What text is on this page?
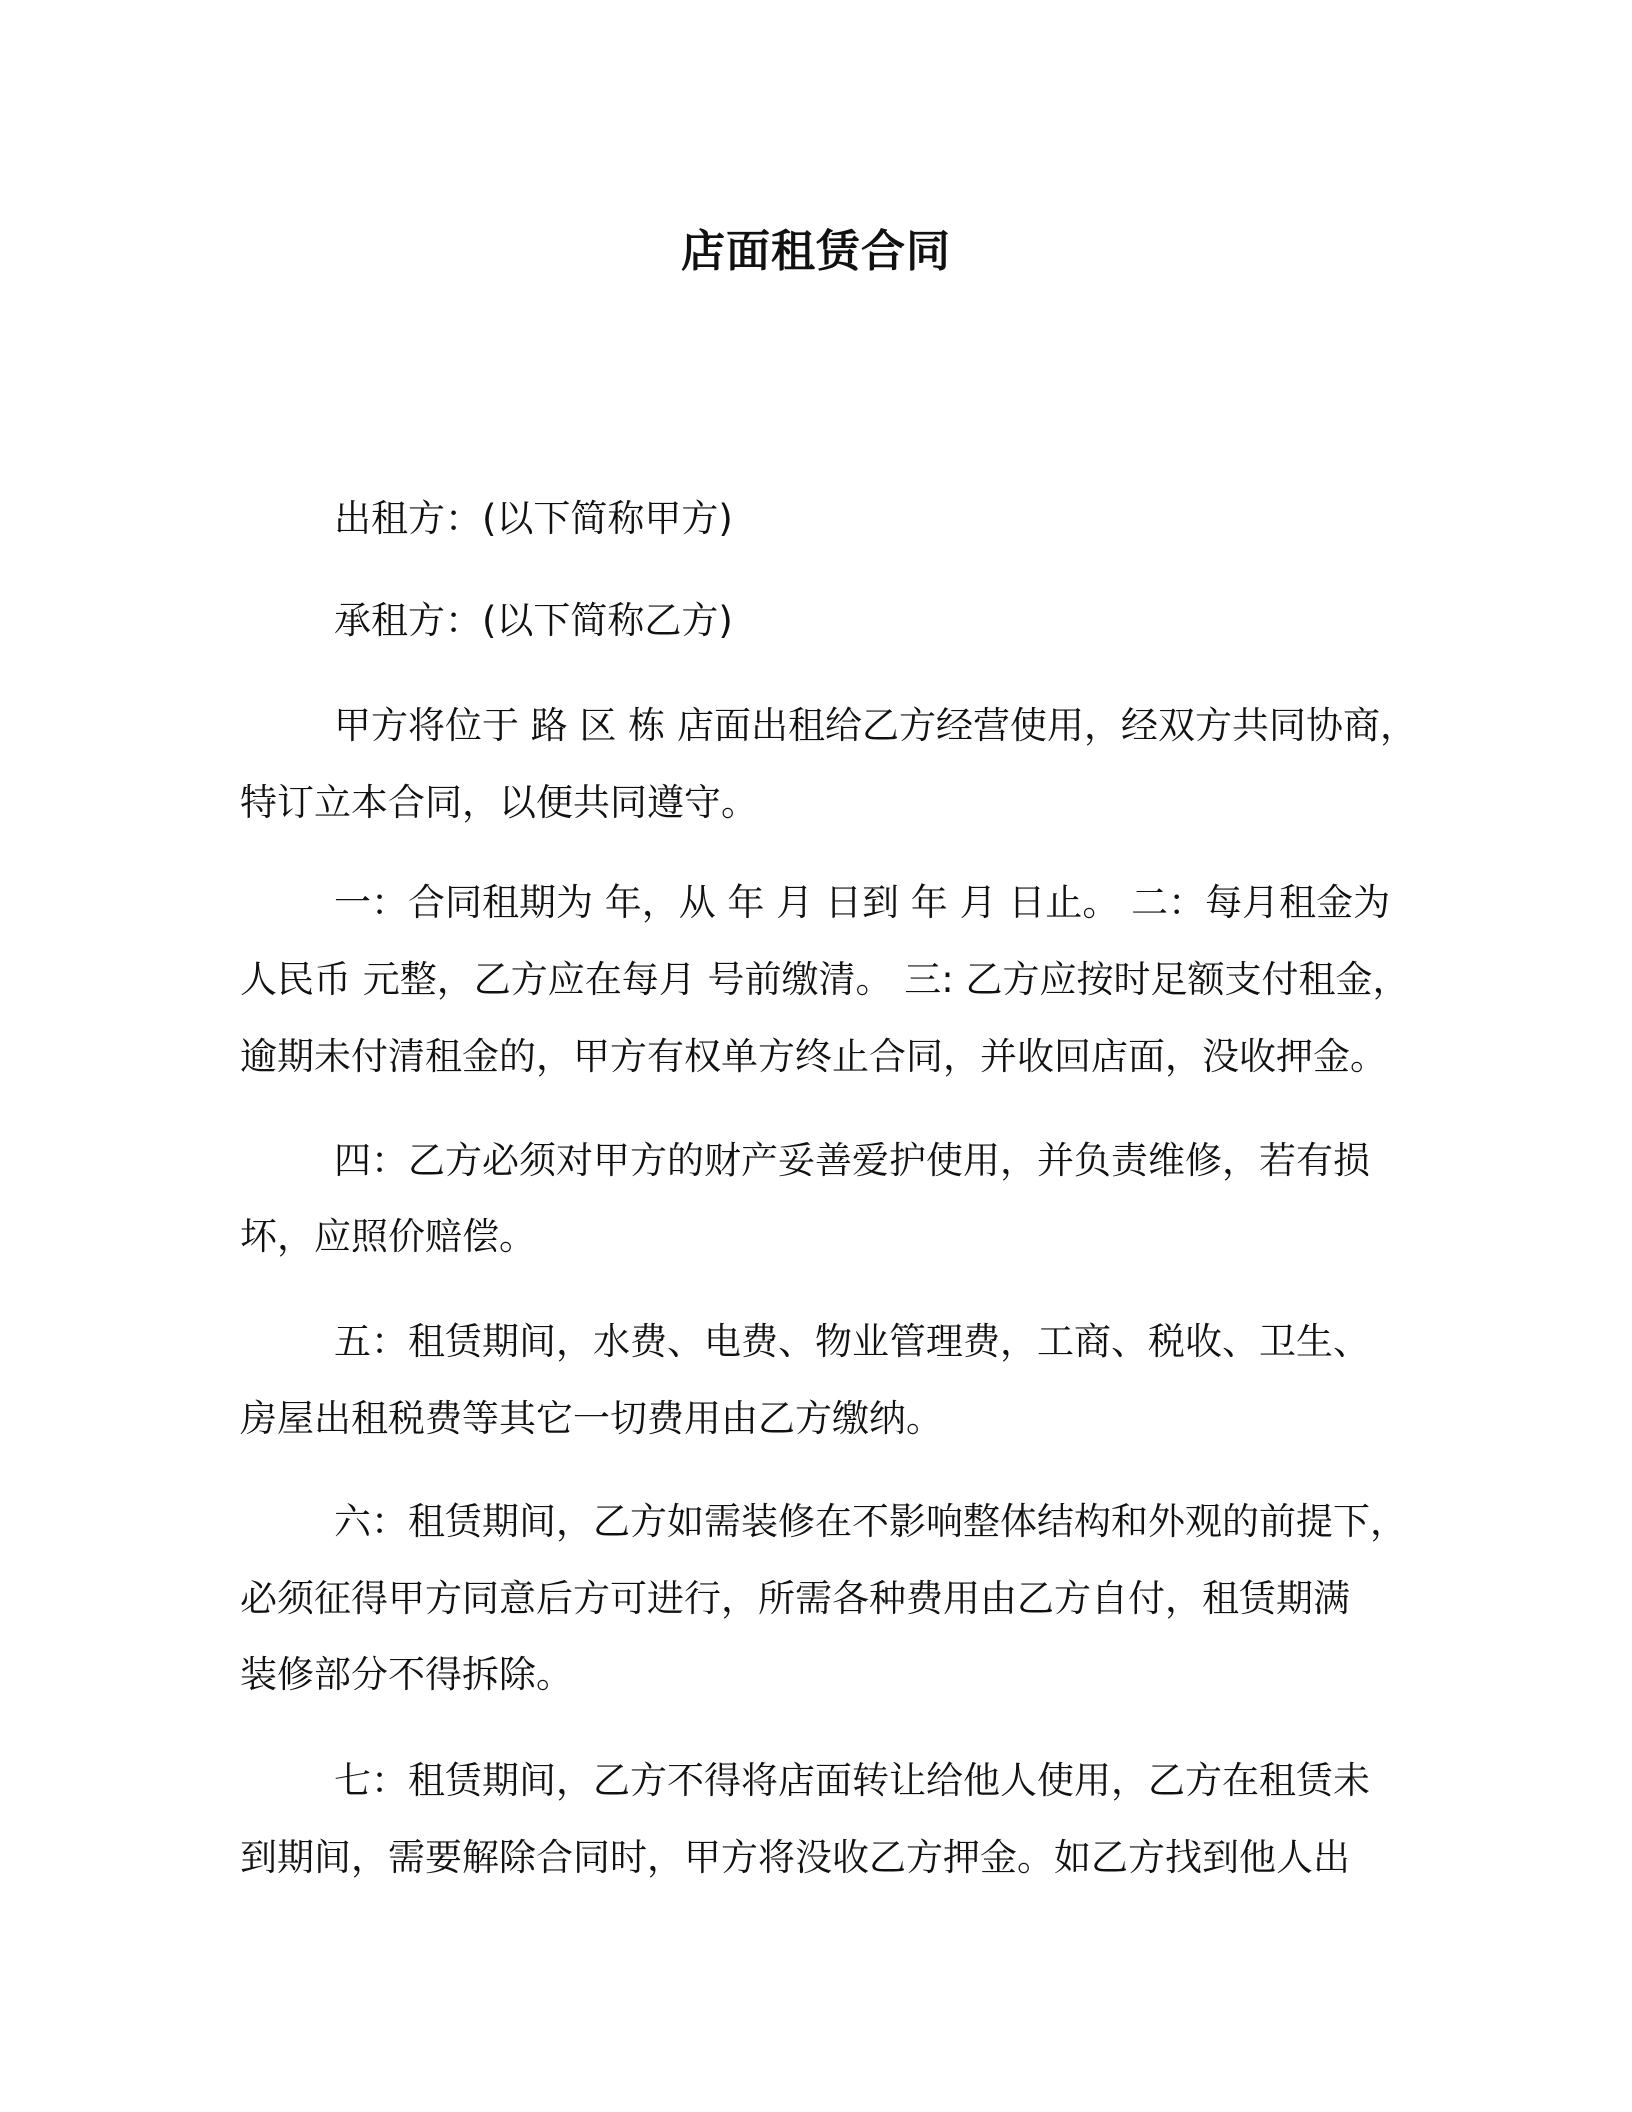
店面租赁合同

出租方：(以下简称甲方)

承租方：(以下简称乙方)

甲方将位于 路 区 栋 店面出租给乙方经营使用，经双方共同协商，

特订立本合同，以便共同遵守。

一：合同租期为 年，从 年 月 日到 年 月 日止。 二：每月租金为

人民币 元整，乙方应在每月 号前缴清。 三: 乙方应按时足额支付租金，

逾期未付清租金的，甲方有权单方终止合同，并收回店面，没收押金。

四：乙方必须对甲方的财产妥善爱护使用，并负责维修，若有损

坏，应照价赔偿。

五：租赁期间，水费、电费、物业管理费，工商、税收、卫生、

房屋出租税费等其它一切费用由乙方缴纳。

六：租赁期间，乙方如需装修在不影响整体结构和外观的前提下，

必须征得甲方同意后方可进行，所需各种费用由乙方自付，租赁期满

装修部分不得拆除。

七：租赁期间，乙方不得将店面转让给他人使用，乙方在租赁未

到期间，需要解除合同时，甲方将没收乙方押金。如乙方找到他人出
